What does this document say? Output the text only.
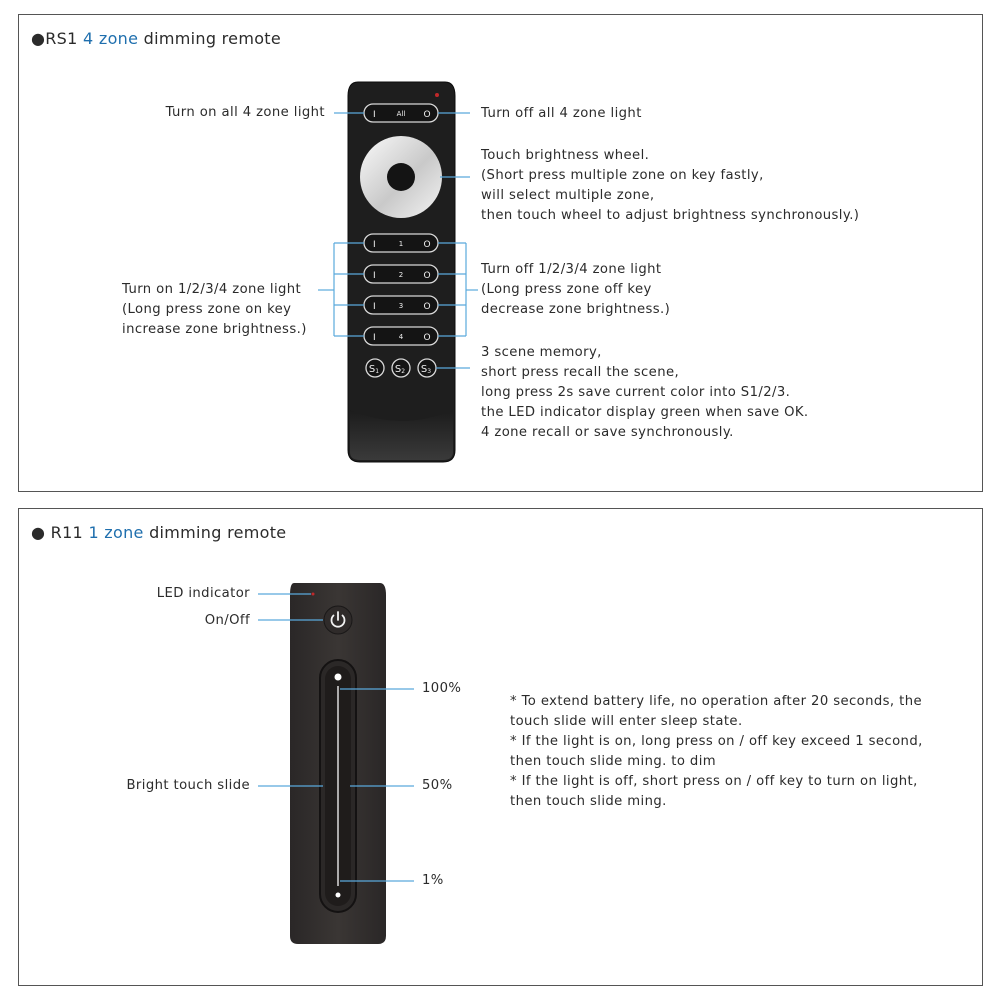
●RS1 4 zone dimming remote
● R11 1 zone dimming remote
I	All O
I	1 O
I	2 O
I	3 O
I	4 O
S1 S2 S3
Turn on all 4 zone light	Turn off all 4 zone light
Touch brightness wheel.
(Short press multiple zone on key fastly,
will select multiple zone,
then touch wheel to adjust brightness synchronously.)
Turn on 1/2/3/4 zone light
(Long press zone on key
increase zone brightness.)
Turn off 1/2/3/4 zone light
(Long press zone off key
decrease zone brightness.)
3 scene memory,
short press recall the scene,
long press 2s save current color into S1/2/3.
the LED indicator display green when save OK.
4 zone recall or save synchronously.
LED indicator
On/Off
Bright touch slide
100%
50%
1%
* To extend battery life, no operation after 20 seconds, the
touch slide will enter sleep state.
* If the light is on, long press on / off key exceed 1 second,
then touch slide ming. to dim
* If the light is off, short press on / off key to turn on light,
then touch slide ming.
